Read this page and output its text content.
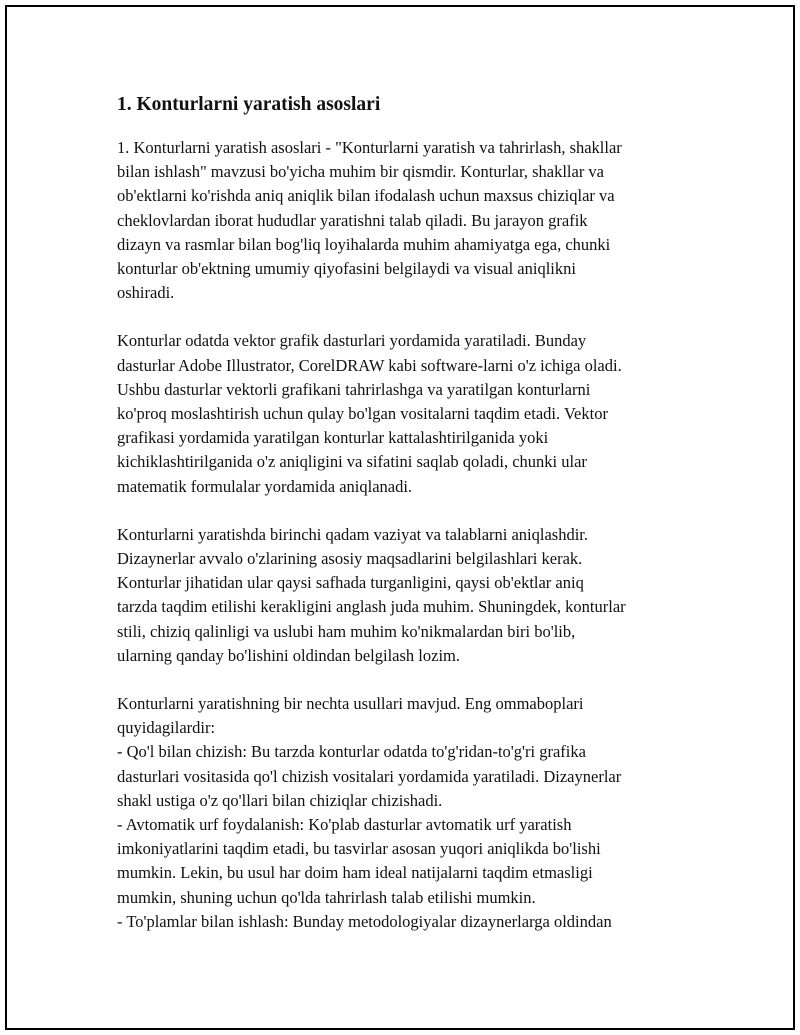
1. Konturlarni yaratish asoslari
1. Konturlarni yaratish asoslari - "Konturlarni yaratish va tahrirlash, shakllar
bilan ishlash" mavzusi bo'yicha muhim bir qismdir. Konturlar, shakllar va
ob'ektlarni ko'rishda aniq aniqlik bilan ifodalash uchun maxsus chiziqlar va
cheklovlardan iborat hududlar yaratishni talab qiladi. Bu jarayon grafik
dizayn va rasmlar bilan bog'liq loyihalarda muhim ahamiyatga ega, chunki
konturlar ob'ektning umumiy qiyofasini belgilaydi va visual aniqlikni
oshiradi.
Konturlar odatda vektor grafik dasturlari yordamida yaratiladi. Bunday
dasturlar Adobe Illustrator, CorelDRAW kabi software-larni o'z ichiga oladi.
Ushbu dasturlar vektorli grafikani tahrirlashga va yaratilgan konturlarni
ko'proq moslashtirish uchun qulay bo'lgan vositalarni taqdim etadi. Vektor
grafikasi yordamida yaratilgan konturlar kattalashtirilganida yoki
kichiklashtirilganida o'z aniqligini va sifatini saqlab qoladi, chunki ular
matematik formulalar yordamida aniqlanadi.
Konturlarni yaratishda birinchi qadam vaziyat va talablarni aniqlashdir.
Dizaynerlar avvalo o'zlarining asosiy maqsadlarini belgilashlari kerak.
Konturlar jihatidan ular qaysi safhada turganligini, qaysi ob'ektlar aniq
tarzda taqdim etilishi kerakligini anglash juda muhim. Shuningdek, konturlar
stili, chiziq qalinligi va uslubi ham muhim ko'nikmalardan biri bo'lib,
ularning qanday bo'lishini oldindan belgilash lozim.
Konturlarni yaratishning bir nechta usullari mavjud. Eng ommaboplari
quyidagilardir:
- Qo'l bilan chizish: Bu tarzda konturlar odatda to'g'ridan-to'g'ri grafika
dasturlari vositasida qo'l chizish vositalari yordamida yaratiladi. Dizaynerlar
shakl ustiga o'z qo'llari bilan chiziqlar chizishadi.
- Avtomatik urf foydalanish: Ko'plab dasturlar avtomatik urf yaratish
imkoniyatlarini taqdim etadi, bu tasvirlar asosan yuqori aniqlikda bo'lishi
mumkin. Lekin, bu usul har doim ham ideal natijalarni taqdim etmasligi
mumkin, shuning uchun qo'lda tahrirlash talab etilishi mumkin.
- To'plamlar bilan ishlash: Bunday metodologiyalar dizaynerlarga oldindan
